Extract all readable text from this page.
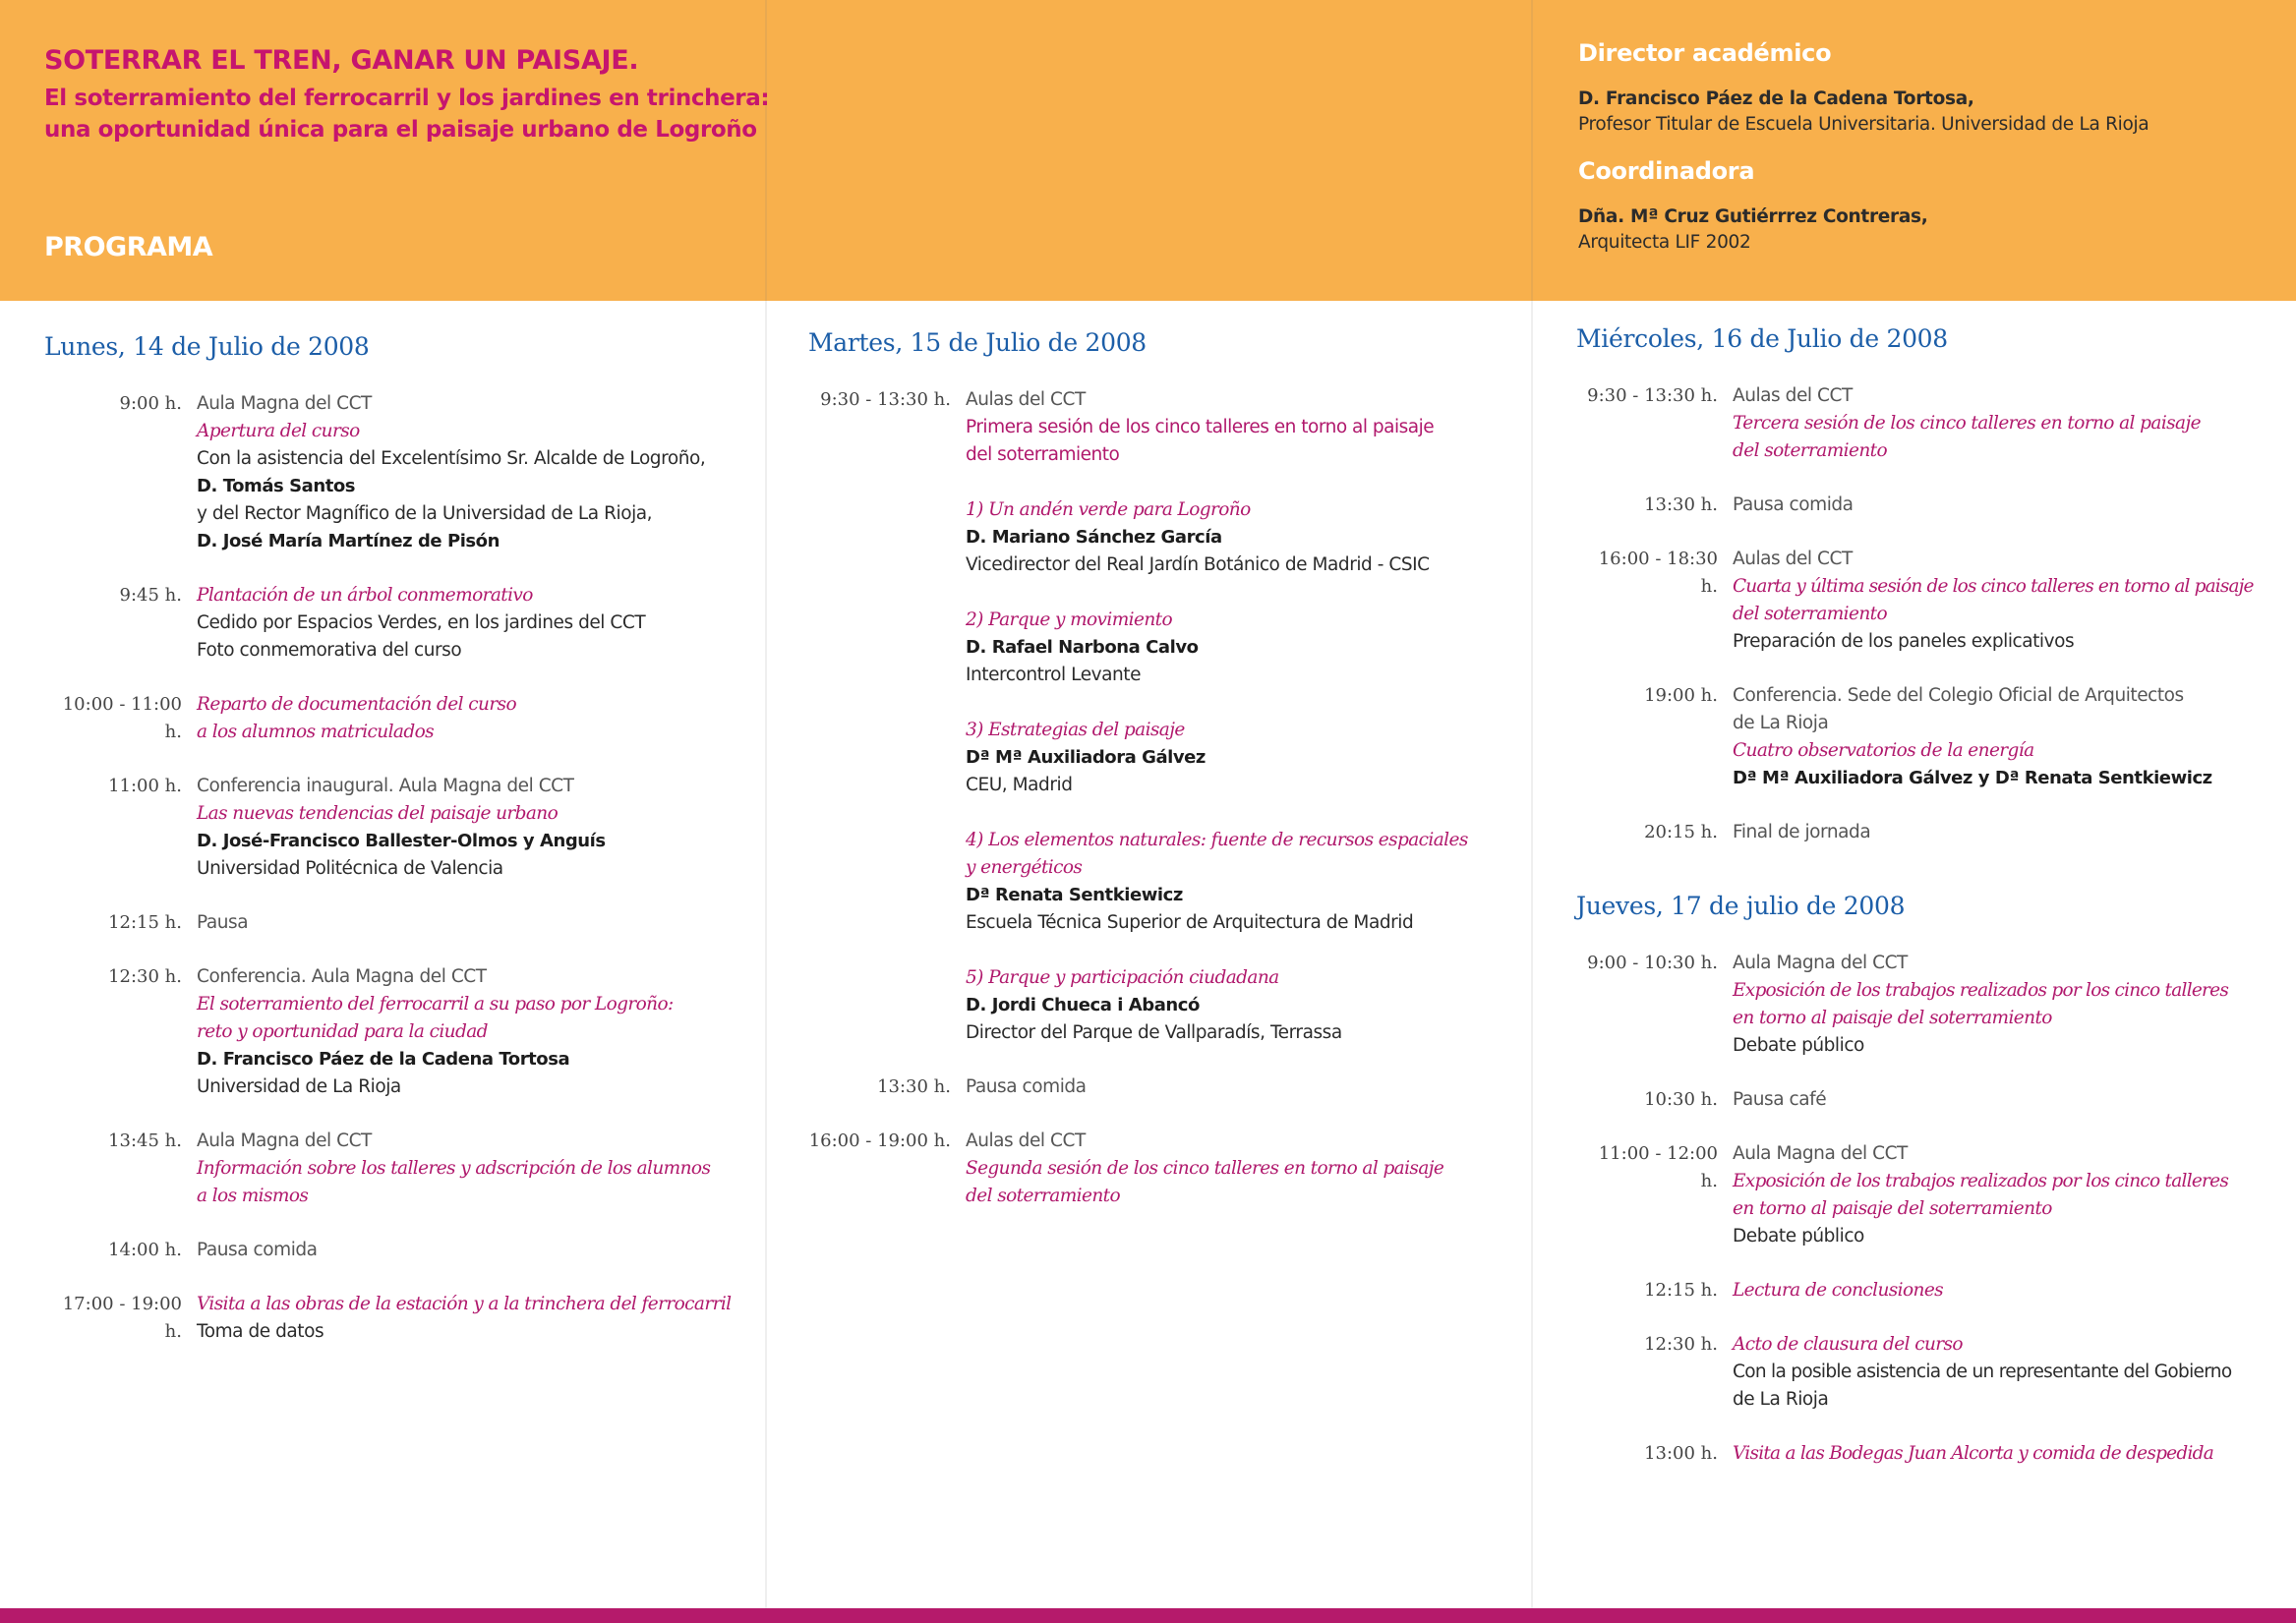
SOTERRAR EL TREN, GANAR UN PAISAJE.
El soterramiento del ferrocarril y los jardines en trinchera:
una oportunidad única para el paisaje urbano de Logroño
PROGRAMA
Director académico
D. Francisco Páez de la Cadena Tortosa,
Profesor Titular de Escuela Universitaria. Universidad de La Rioja
Coordinadora
Dña. Mª Cruz Gutiérrrez Contreras,
Arquitecta LIF 2002
Lunes, 14 de Julio de 2008
9:00 h. Aula Magna del CCT
Apertura del curso
Con la asistencia del Excelentísimo Sr. Alcalde de Logroño,
D. Tomás Santos
y del Rector Magnífico de la Universidad de La Rioja,
D. José María Martínez de Pisón
9:45 h. Plantación de un árbol conmemorativo
Cedido por Espacios Verdes, en los jardines del CCT
Foto conmemorativa del curso
10:00 - 11:00 h.
Reparto de documentación del curso
a los alumnos matriculados
11:00 h. Conferencia inaugural. Aula Magna del CCT
Las nuevas tendencias del paisaje urbano
D. José-Francisco Ballester-Olmos y Anguís
Universidad Politécnica de Valencia
12:15 h. Pausa
12:30 h. Conferencia. Aula Magna del CCT
El soterramiento del ferrocarril a su paso por Logroño:
reto y oportunidad para la ciudad
D. Francisco Páez de la Cadena Tortosa
Universidad de La Rioja
13:45 h. Aula Magna del CCT
Información sobre los talleres y adscripción de los alumnos
a los mismos
14:00 h. Pausa comida
17:00 - 19:00 h.
Visita a las obras de la estación y a la trinchera del ferrocarril
Toma de datos
Martes, 15 de Julio de 2008
9:30 - 13:30 h. Aulas del CCT
Primera sesión de los cinco talleres en torno al paisaje
del soterramiento
1) Un andén verde para Logroño
D. Mariano Sánchez García
Vicedirector del Real Jardín Botánico de Madrid - CSIC
2) Parque y movimiento
D. Rafael Narbona Calvo
Intercontrol Levante
3) Estrategias del paisaje
Dª Mª Auxiliadora Gálvez
CEU, Madrid
4) Los elementos naturales: fuente de recursos espaciales
y energéticos
Dª Renata Sentkiewicz
Escuela Técnica Superior de Arquitectura de Madrid
5) Parque y participación ciudadana
D. Jordi Chueca i Abancó
Director del Parque de Vallparadís, Terrassa
13:30 h. Pausa comida
16:00 - 19:00 h. Aulas del CCT
Segunda sesión de los cinco talleres en torno al paisaje
del soterramiento
Miércoles, 16 de Julio de 2008
9:30 - 13:30 h. Aulas del CCT
Tercera sesión de los cinco talleres en torno al paisaje
del soterramiento
13:30 h. Pausa comida
16:00 - 18:30 h.
Aulas del CCT
Cuarta y última sesión de los cinco talleres en torno al paisaje
del soterramiento
Preparación de los paneles explicativos
19:00 h. Conferencia. Sede del Colegio Oficial de Arquitectos
de La Rioja
Cuatro observatorios de la energía
Dª Mª Auxiliadora Gálvez y Dª Renata Sentkiewicz
20:15 h. Final de jornada
Jueves, 17 de julio de 2008
9:00 - 10:30 h. Aula Magna del CCT
Exposición de los trabajos realizados por los cinco talleres
en torno al paisaje del soterramiento
Debate público
10:30 h. Pausa café
11:00 - 12:00 h.
Aula Magna del CCT
Exposición de los trabajos realizados por los cinco talleres
en torno al paisaje del soterramiento
Debate público
12:15 h. Lectura de conclusiones
12:30 h. Acto de clausura del curso
Con la posible asistencia de un representante del Gobierno
de La Rioja
13:00 h. Visita a las Bodegas Juan Alcorta y comida de despedida
